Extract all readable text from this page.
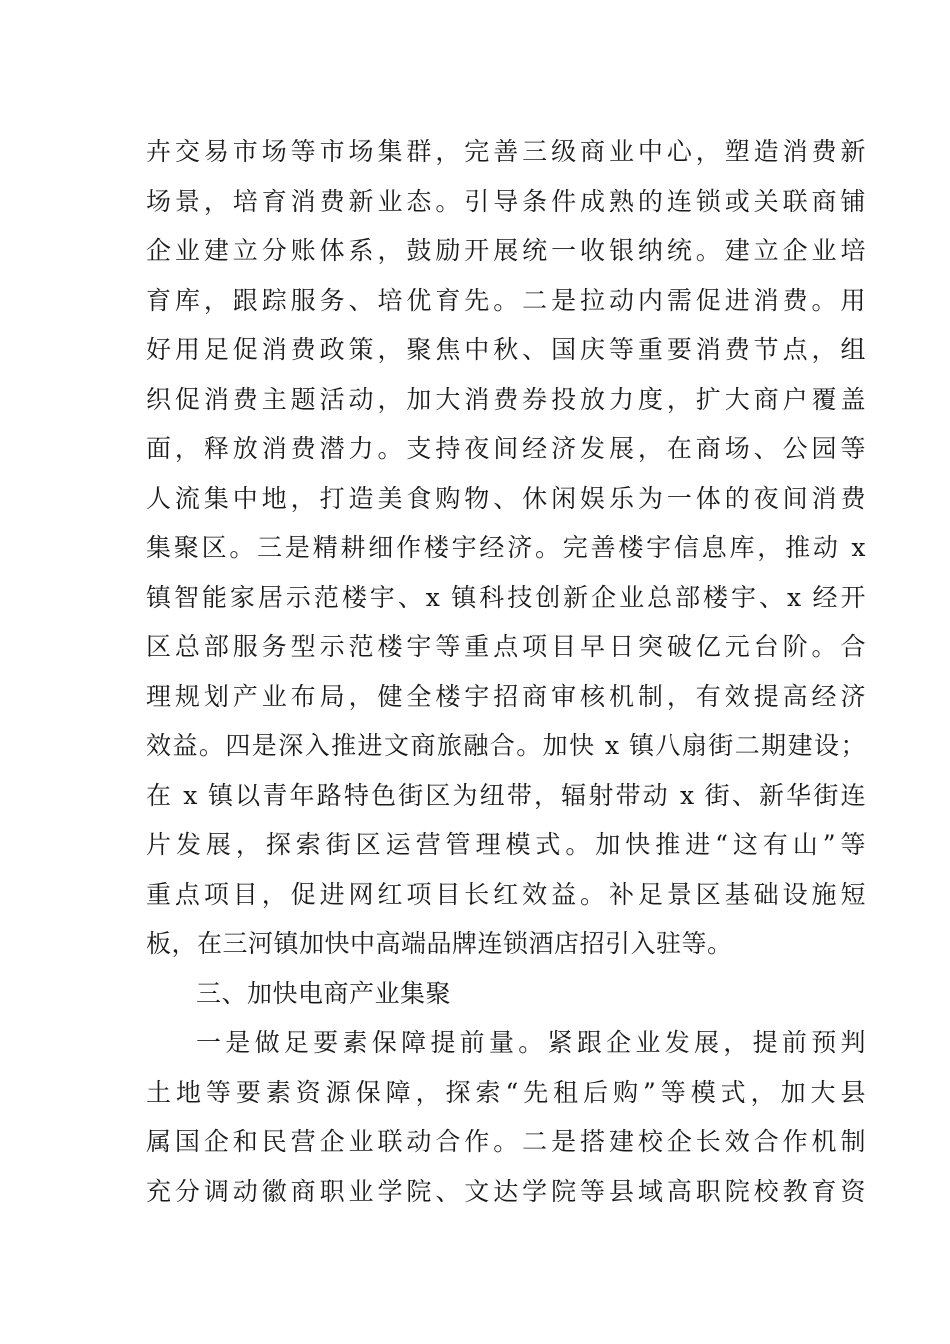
卉交易市场等市场集群，完善三级商业中心，塑造消费新
场景，培育消费新业态。引导条件成熟的连锁或关联商铺
企业建立分账体系，鼓励开展统一收银纳统。建立企业培
育库，跟踪服务、培优育先。二是拉动内需促进消费。用
好用足促消费政策，聚焦中秋、国庆等重要消费节点，组
织促消费主题活动，加大消费券投放力度，扩大商户覆盖
面，释放消费潜力。支持夜间经济发展，在商场、公园等
人流集中地，打造美食购物、休闲娱乐为一体的夜间消费
集聚区。三是精耕细作楼宇经济。完善楼宇信息库，推动 x
镇智能家居示范楼宇、x 镇科技创新企业总部楼宇、x 经开
区总部服务型示范楼宇等重点项目早日突破亿元台阶。合
理规划产业布局，健全楼宇招商审核机制，有效提高经济
效益。四是深入推进文商旅融合。加快 x 镇八扇街二期建设；
在 x 镇以青年路特色街区为纽带，辐射带动 x 街、新华街连
片发展，探索街区运营管理模式。加快推进“这有山”等
重点项目，促进网红项目长红效益。补足景区基础设施短
板，在三河镇加快中高端品牌连锁酒店招引入驻等。
三、加快电商产业集聚
一是做足要素保障提前量。紧跟企业发展，提前预判
土地等要素资源保障，探索“先租后购”等模式，加大县
属国企和民营企业联动合作。二是搭建校企长效合作机制
充分调动徽商职业学院、文达学院等县域高职院校教育资
